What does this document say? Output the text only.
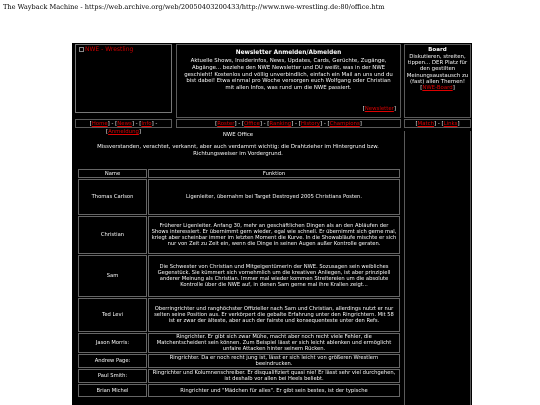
The Wayback Machine - https://web.archive.org/web/20050403200433/http://www.nwe-wrestling.de:80/office.htm
NWE - Wrestling	Newsletter Anmelden/Abmelden
Aktuelle Shows, Insiderinfos, News, Updates, Cards, Gerüchte, Zugänge, Abgänge... beziehe den NWE Newsletter und DU weißt, was in der NWE geschieht! Kostenlos und völlig unverbindlich, einfach ein Mail an uns und du bist dabei! Etwa einmal pro Woche versorgen euch Wolfgang oder Christian mit allen Infos, was rund um die NWE passiert.
[Newsletter]
Board
Diskutieren, streiten, tippen... DER Platz für den gestilten Meinungsaustausch zu (fast) allen Themen!
[NWE-Board]
[Home] - [News] - [Info] - [Anmeldung]
[Roster] - [Office] - [Ranking] - [History] - [Champions]	[Match] - [Links]
NWE Office
Missverstanden, verachtet, verkannt, aber auch verdammt wichtig: die Drahtzieher im Hintergrund bzw. Richtungsweiser im Vordergrund.
Name	Funktion
Thomas Carlson	Ligenleiter, übernahm bei Target Destroyed 2005 Christians Posten.
Christian	Früherer Ligenleiter. Anfang 30, mehr an geschäftlichen Dingen als an den Abläufen der Shows interessiert. Er übernimmt gern wieder, egal wie schnell. Er übernimmt sich gerne mal, kriegt aber scheinbar immer im letzten Moment die Kurve. In die Showabläufe mischte er sich nur von Zeit zu Zeit ein, wenn die Dinge in seinen Augen außer Kontrolle geraten.
Sam	Die Schwester von Christian und Mitgeigentümerin der NWE. Sozusagen sein weibliches Gegenstück. Sie kümmert sich vornehmlich um die kreativen Anliegen, ist aber prinzipiell anderer Meinung als Christian. Immer mal wieder kommen Streitereien um die absolute Kontrolle über die NWE auf, in denen Sam gerne mal ihre Krallen zeigt...
Ted Levi	Oberringrichter und ranghöchster Offizieller nach Sam und Christian, allerdings nutzt er nur selten seine Position aus. Er verkörpert die gebalte Erfahrung unter den Ringrichtern. Mit 58 ist er zwar der älteste, aber auch der fairste und konsequenteste unter den Refs.
Jason Morris:	Ringrichter. Er gibt sich zwar Mühe, macht aber noch recht viele Fehler, die Matchentscheident sein können. Zum Beispiel lässt er sich leicht ablenken und ermöglicht unfaire Attacken hinter seinem Rücken.
Andrew Page:	Ringrichter. Da er noch recht jung ist, lässt er sich leicht von größeren Wrestlern beeindrucken.
Paul Smith:	Ringrichter und Kolumnenschreiber. Er disqualifiziert quasi nie! Er lässt sehr viel durchgehen, ist deshalb vor allen bei Heels beliebt.
Brian Michel	Ringrichter und "Mädchen für alles". Er gibt sein bestes, ist der typische
